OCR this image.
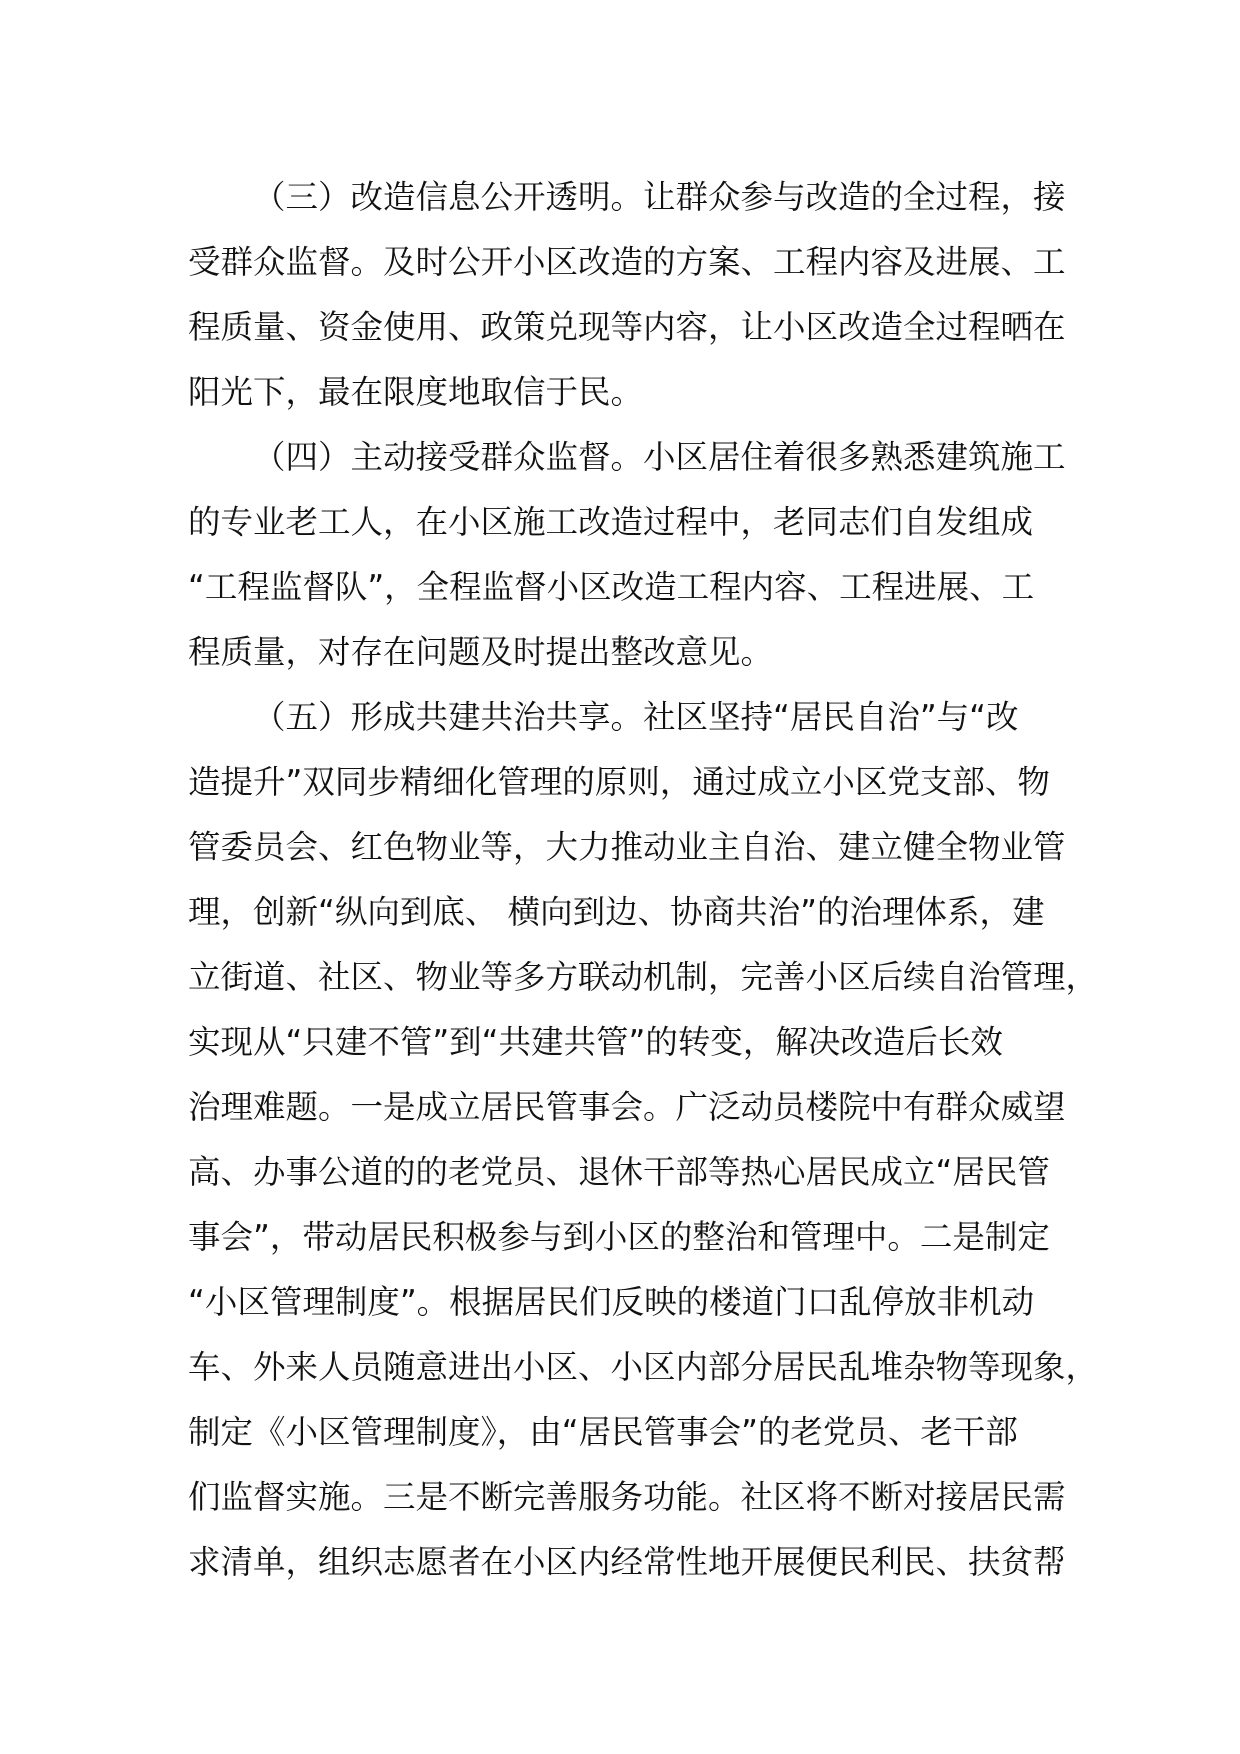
（三）改造信息公开透明。让群众参与改造的全过程，接
受群众监督。及时公开小区改造的方案、工程内容及进展、工
程质量、资金使用、政策兑现等内容，让小区改造全过程晒在
阳光下，最在限度地取信于民。
（四）主动接受群众监督。小区居住着很多熟悉建筑施工
的专业老工人，在小区施工改造过程中，老同志们自发组成
“工程监督队”，全程监督小区改造工程内容、工程进展、工
程质量，对存在问题及时提出整改意见。
（五）形成共建共治共享。社区坚持“居民自治”与“改
造提升”双同步精细化管理的原则，通过成立小区党支部、物
管委员会、红色物业等，大力推动业主自治、建立健全物业管
理，创新“纵向到底、 横向到边、协商共治”的治理体系，建
立街道、社区、物业等多方联动机制，完善小区后续自治管理，
实现从“只建不管”到“共建共管”的转变，解决改造后长效
治理难题。一是成立居民管事会。广泛动员楼院中有群众威望
高、办事公道的的老党员、退休干部等热心居民成立“居民管
事会”，带动居民积极参与到小区的整治和管理中。二是制定
“小区管理制度”。根据居民们反映的楼道门口乱停放非机动
车、外来人员随意进出小区、小区内部分居民乱堆杂物等现象，
制定《小区管理制度》，由“居民管事会”的老党员、老干部
们监督实施。三是不断完善服务功能。社区将不断对接居民需
求清单，组织志愿者在小区内经常性地开展便民利民、扶贫帮
